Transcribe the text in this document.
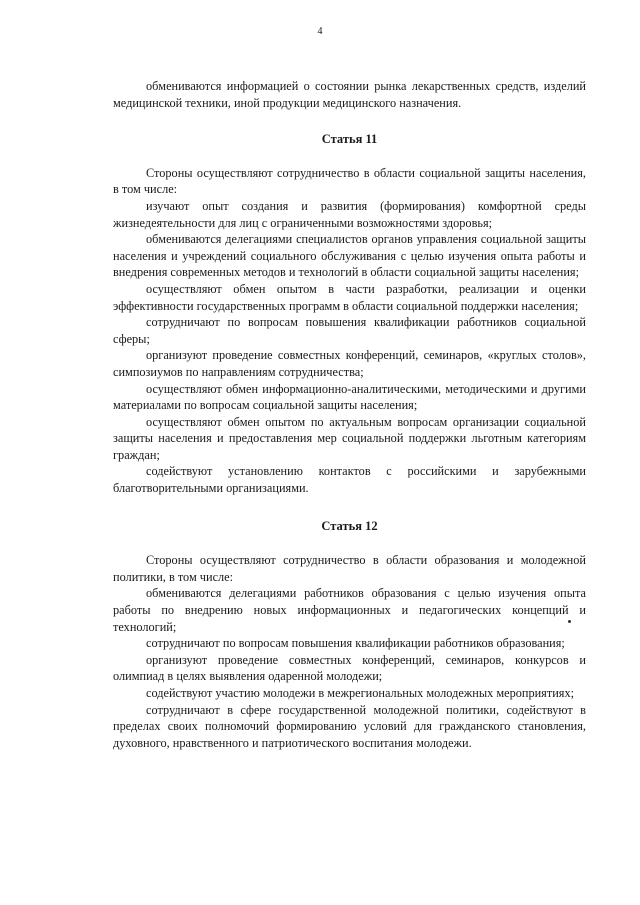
4

обмениваются информацией о состоянии рынка лекарственных средств, изделий медицинской техники, иной продукции медицинского назначения.

Статья 11

Стороны осуществляют сотрудничество в области социальной защиты населения, в том числе:

изучают опыт создания и развития (формирования) комфортной среды жизнедеятельности для лиц с ограниченными возможностями здоровья;

обмениваются делегациями специалистов органов управления социальной защиты населения и учреждений социального обслуживания с целью изучения опыта работы и внедрения современных методов и технологий в области социальной защиты населения;

осуществляют обмен опытом в части разработки, реализации и оценки эффективности государственных программ в области социальной поддержки населения;

сотрудничают по вопросам повышения квалификации работников социальной сферы;

организуют проведение совместных конференций, семинаров, «круглых столов», симпозиумов по направлениям сотрудничества;

осуществляют обмен информационно-аналитическими, методическими и другими материалами по вопросам социальной защиты населения;

осуществляют обмен опытом по актуальным вопросам организации социальной защиты населения и предоставления мер социальной поддержки льготным категориям граждан;

содействуют установлению контактов с российскими и зарубежными благотворительными организациями.

Статья 12

Стороны осуществляют сотрудничество в области образования и молодежной политики, в том числе:

обмениваются делегациями работников образования с целью изучения опыта работы по внедрению новых информационных и педагогических концепций и технологий;

сотрудничают по вопросам повышения квалификации работников образования;

организуют проведение совместных конференций, семинаров, конкурсов и олимпиад в целях выявления одаренной молодежи;

содействуют участию молодежи в межрегиональных молодежных мероприятиях;

сотрудничают в сфере государственной молодежной политики, содействуют в пределах своих полномочий формированию условий для гражданского становления, духовного, нравственного и патриотического воспитания молодежи.
